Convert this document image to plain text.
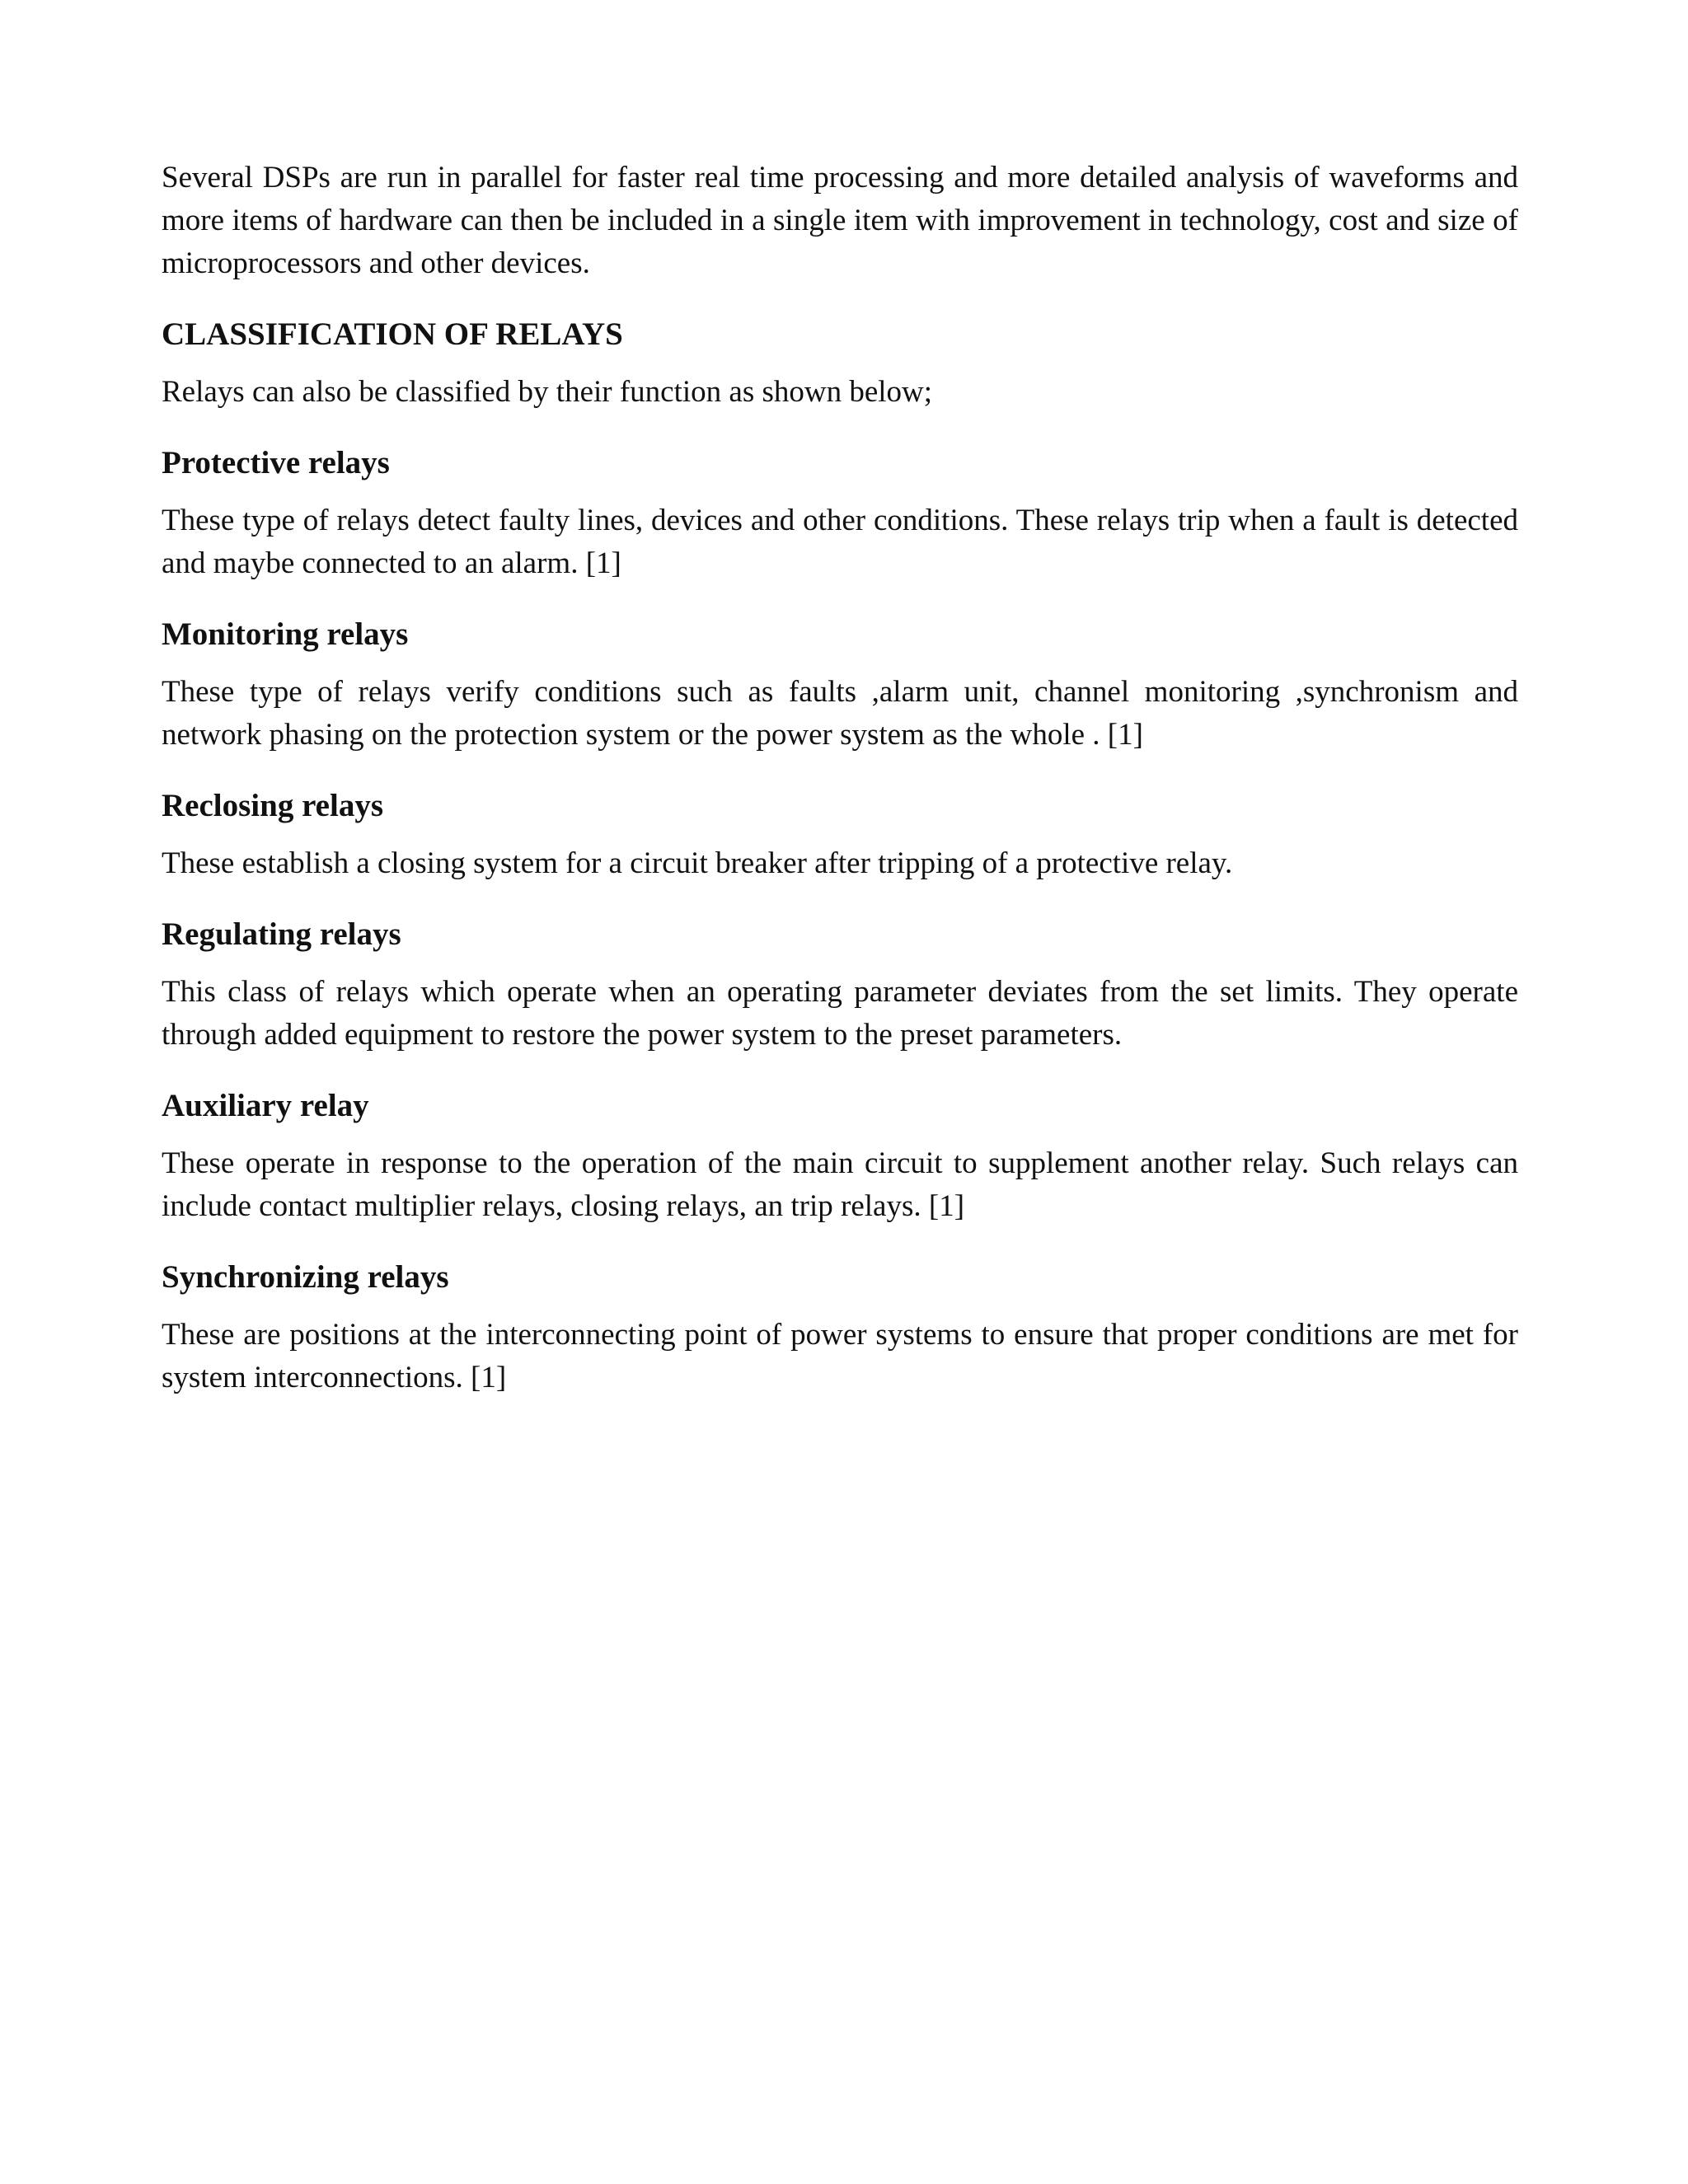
Several DSPs are run in parallel for faster real time processing and more detailed analysis of waveforms and more items of hardware can then be included in a single item with improvement in technology, cost and size of microprocessors and other devices.

CLASSIFICATION OF RELAYS

Relays can also be classified by their function as shown below;

Protective relays

These type of relays detect faulty lines, devices and other conditions. These relays trip when a fault is detected and maybe connected to an alarm. [1]

Monitoring relays

These type of relays verify conditions such as faults ,alarm unit, channel monitoring ,synchronism and network phasing on the protection system or the power system as the whole . [1]

Reclosing relays

These establish a closing system for a circuit breaker after tripping of a protective relay.

Regulating relays

This class of relays which operate when an operating parameter deviates from the set limits. They operate through added equipment to restore the power system to the preset parameters.

Auxiliary relay

These operate in response to the operation of the main circuit to supplement another relay. Such relays can include contact multiplier relays, closing relays, an trip relays. [1]

Synchronizing relays

These are positions at the interconnecting point of power systems to ensure that proper conditions are met for system interconnections. [1]
